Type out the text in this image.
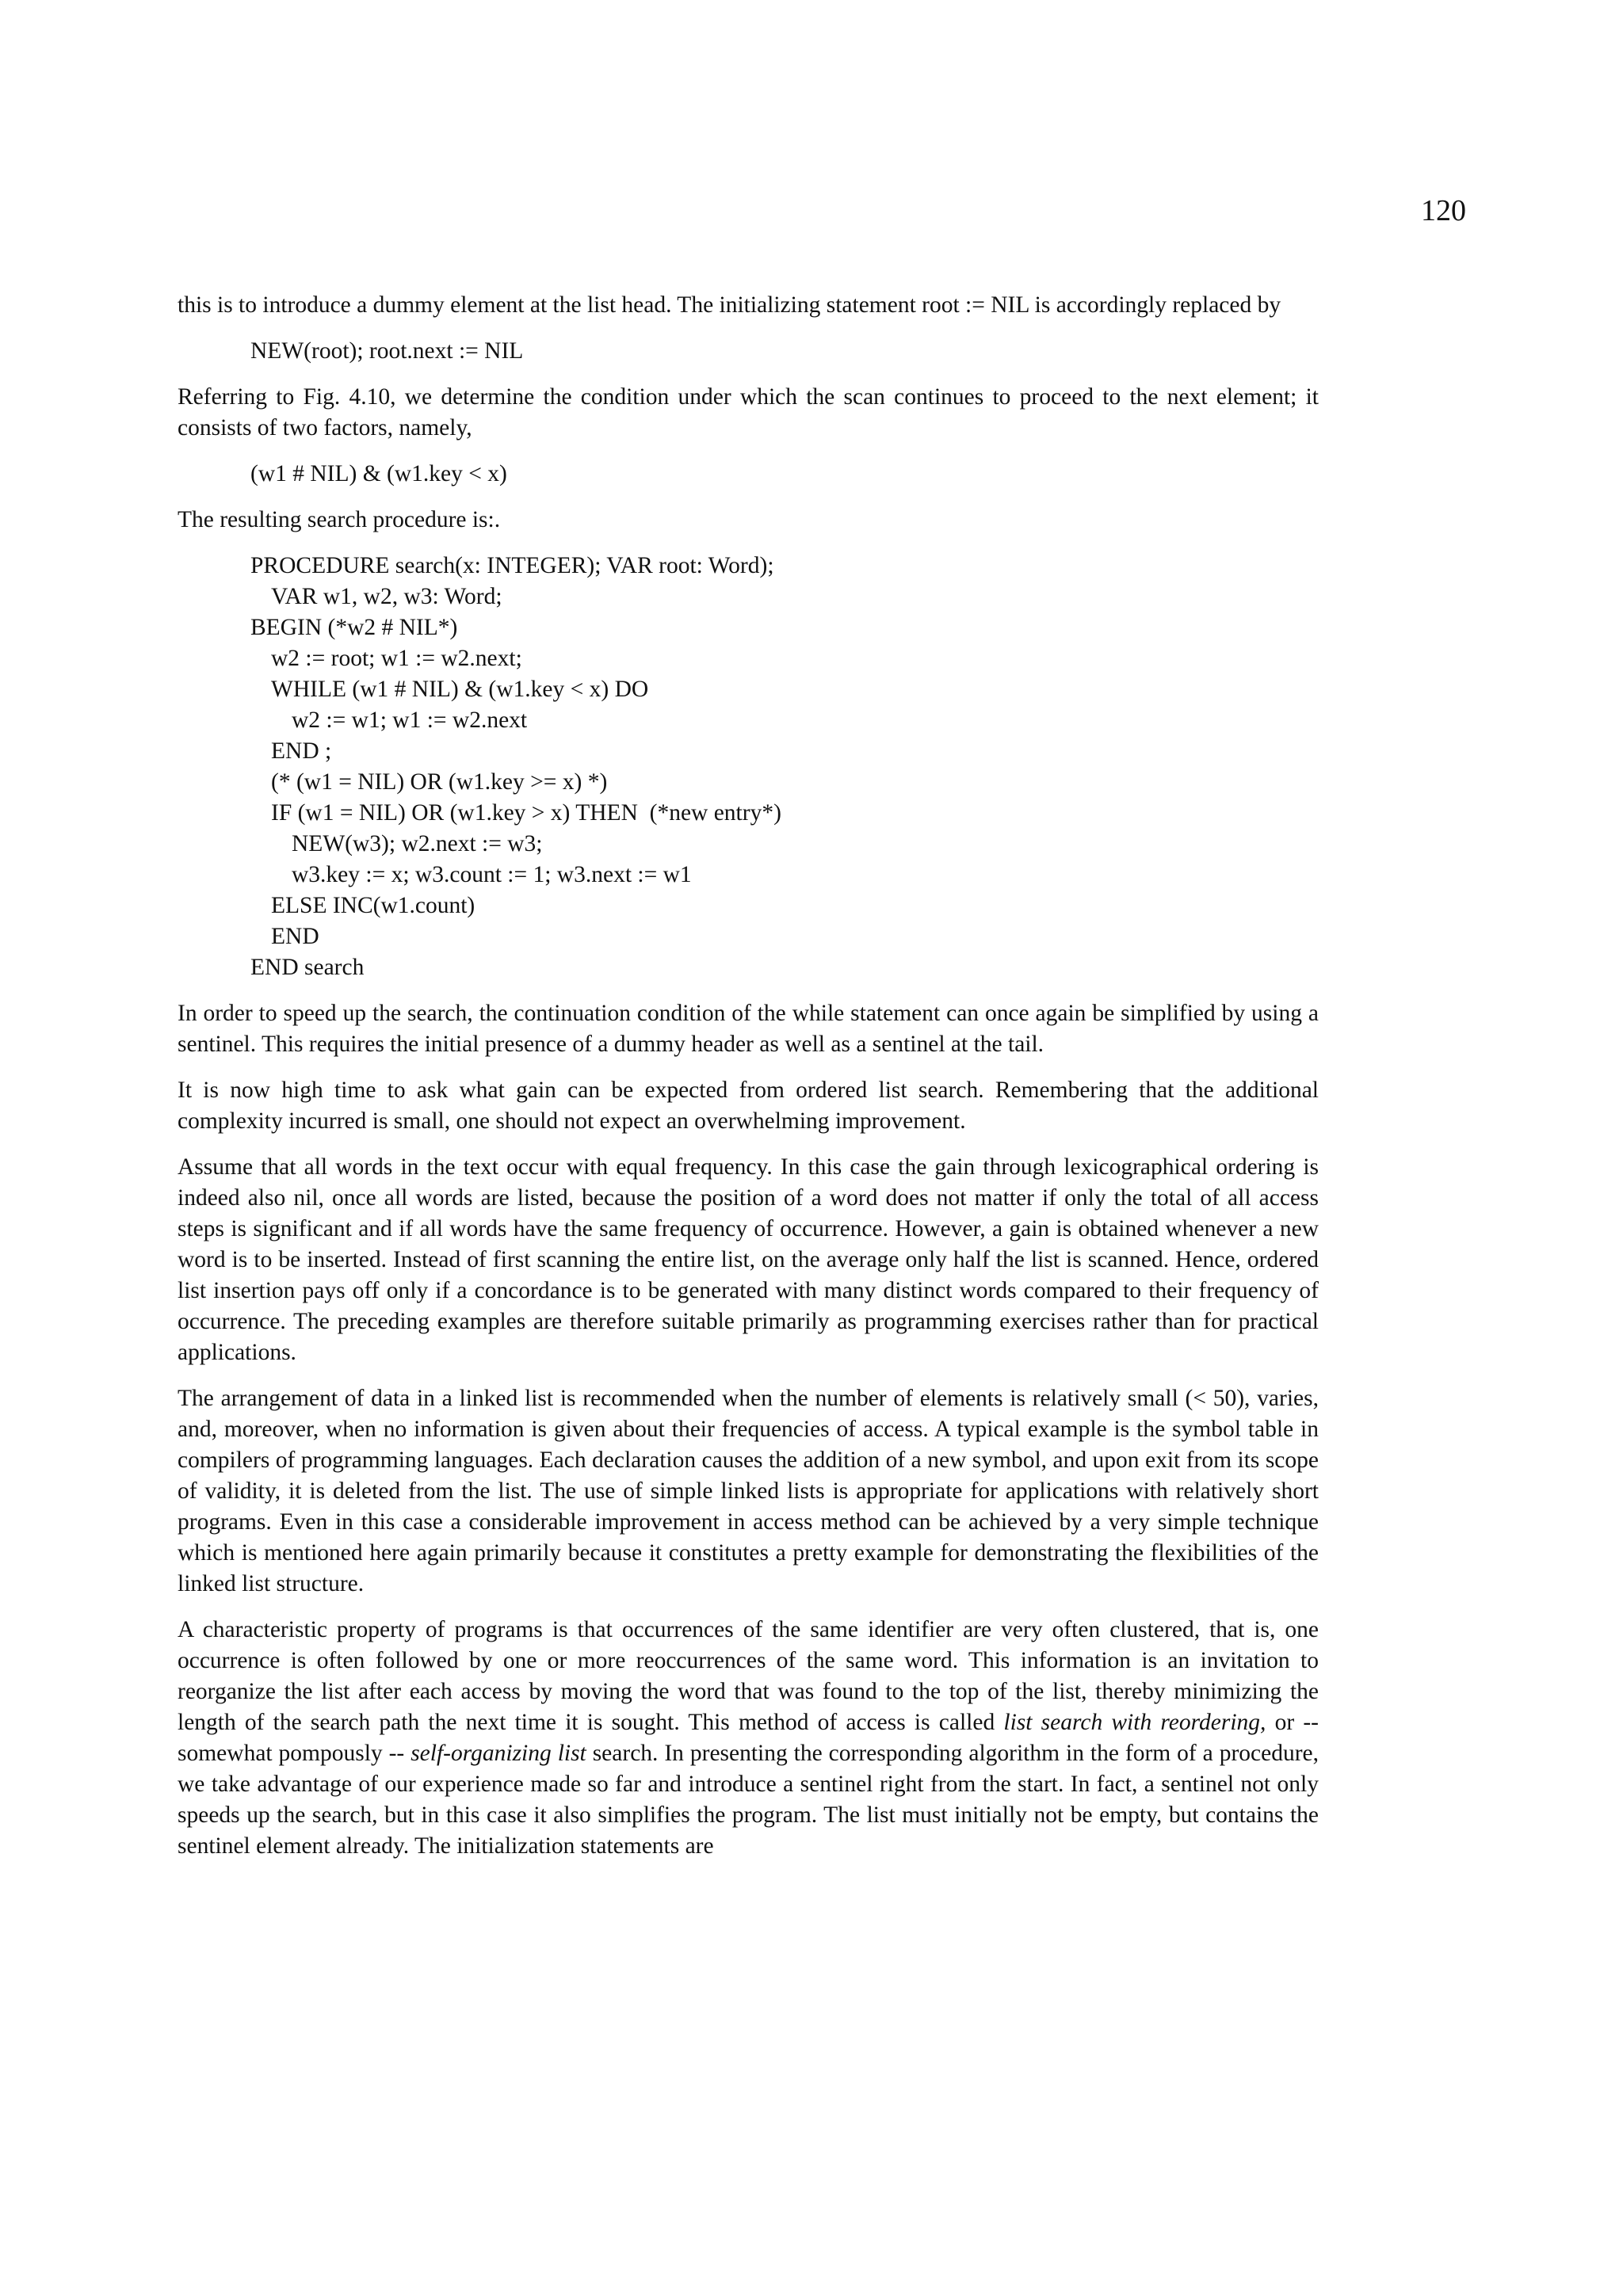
120

this is to introduce a dummy element at the list head. The initializing statement root := NIL is accordingly replaced by

NEW(root); root.next := NIL

Referring to Fig. 4.10, we determine the condition under which the scan continues to proceed to the next element; it consists of two factors, namely,

(w1 # NIL) & (w1.key < x)

The resulting search procedure is:.

PROCEDURE search(x: INTEGER); VAR root: Word);
VAR w1, w2, w3: Word;
BEGIN (*w2 # NIL*)
w2 := root; w1 := w2.next;
WHILE (w1 # NIL) & (w1.key < x) DO
w2 := w1; w1 := w2.next
END ;
(* (w1 = NIL) OR (w1.key >= x) *)
IF (w1 = NIL) OR (w1.key > x) THEN  (*new entry*)
NEW(w3); w2.next := w3;
w3.key := x; w3.count := 1; w3.next := w1
ELSE INC(w1.count)
END
END search

In order to speed up the search, the continuation condition of the while statement can once again be simplified by using a sentinel. This requires the initial presence of a dummy header as well as a sentinel at the tail.

It is now high time to ask what gain can be expected from ordered list search. Remembering that the additional complexity incurred is small, one should not expect an overwhelming improvement.

Assume that all words in the text occur with equal frequency. In this case the gain through lexicographical ordering is indeed also nil, once all words are listed, because the position of a word does not matter if only the total of all access steps is significant and if all words have the same frequency of occurrence. However, a gain is obtained whenever a new word is to be inserted. Instead of first scanning the entire list, on the average only half the list is scanned. Hence, ordered list insertion pays off only if a concordance is to be generated with many distinct words compared to their frequency of occurrence. The preceding examples are therefore suitable primarily as programming exercises rather than for practical applications.

The arrangement of data in a linked list is recommended when the number of elements is relatively small (< 50), varies, and, moreover, when no information is given about their frequencies of access. A typical example is the symbol table in compilers of programming languages. Each declaration causes the addition of a new symbol, and upon exit from its scope of validity, it is deleted from the list. The use of simple linked lists is appropriate for applications with relatively short programs. Even in this case a considerable improvement in access method can be achieved by a very simple technique which is mentioned here again primarily because it constitutes a pretty example for demonstrating the flexibilities of the linked list structure.

A characteristic property of programs is that occurrences of the same identifier are very often clustered, that is, one occurrence is often followed by one or more reoccurrences of the same word. This information is an invitation to reorganize the list after each access by moving the word that was found to the top of the list, thereby minimizing the length of the search path the next time it is sought. This method of access is called list search with reordering, or -- somewhat pompously -- self-organizing list search. In presenting the corresponding algorithm in the form of a procedure, we take advantage of our experience made so far and introduce a sentinel right from the start. In fact, a sentinel not only speeds up the search, but in this case it also simplifies the program. The list must initially not be empty, but contains the sentinel element already. The initialization statements are
